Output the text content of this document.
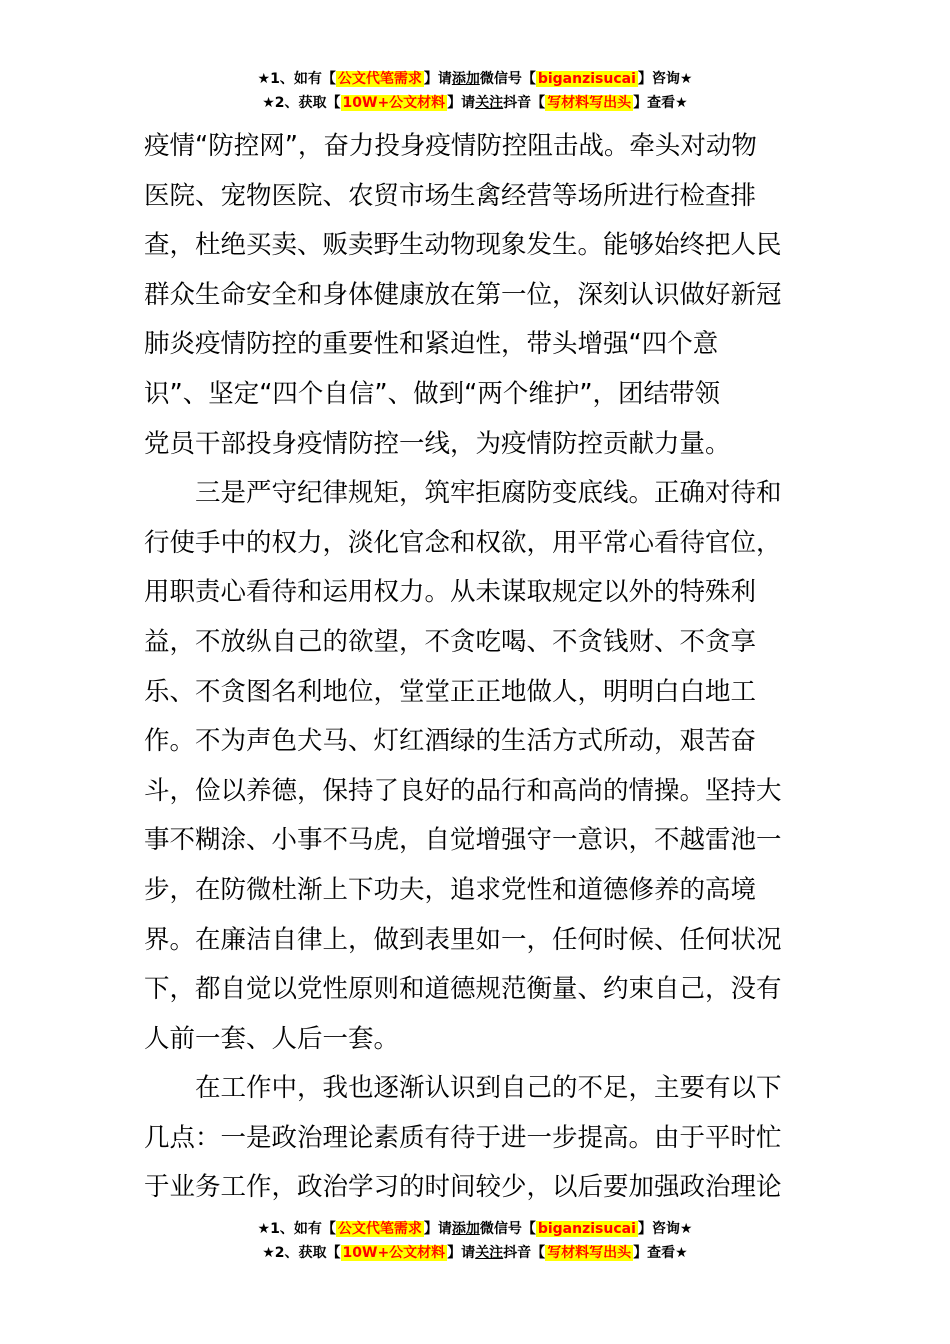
★1、如有【 公文代笔需求 】请添加微信号【 biganzisucai 】咨询★
★2、获取【 10W+公文材料 】请关注抖音【 写材料写出头 】查看★
疫情“防控网”，奋力投身疫情防控阻击战。牵头对动物
医院、宠物医院、农贸市场生禽经营等场所进行检查排
查，杜绝买卖、贩卖野生动物现象发生。能够始终把人民
群众生命安全和身体健康放在第一位，深刻认识做好新冠
肺炎疫情防控的重要性和紧迫性，带头增强“四个意
识”、坚定“四个自信”、做到“两个维护”，团结带领
党员干部投身疫情防控一线，为疫情防控贡献力量。
　　三是严守纪律规矩，筑牢拒腐防变底线。正确对待和
行使手中的权力，淡化官念和权欲，用平常心看待官位，
用职责心看待和运用权力。从未谋取规定以外的特殊利
益，不放纵自己的欲望，不贪吃喝、不贪钱财、不贪享
乐、不贪图名利地位，堂堂正正地做人，明明白白地工
作。不为声色犬马、灯红酒绿的生活方式所动，艰苦奋
斗，俭以养德，保持了良好的品行和高尚的情操。坚持大
事不糊涂、小事不马虎，自觉增强守一意识，不越雷池一
步，在防微杜渐上下功夫，追求党性和道德修养的高境
界。在廉洁自律上，做到表里如一，任何时候、任何状况
下，都自觉以党性原则和道德规范衡量、约束自己，没有
人前一套、人后一套。
　　在工作中，我也逐渐认识到自己的不足，主要有以下
几点：一是政治理论素质有待于进一步提高。由于平时忙
于业务工作，政治学习的时间较少，以后要加强政治理论
★1、如有【 公文代笔需求 】请添加微信号【 biganzisucai 】咨询★
★2、获取【 10W+公文材料 】请关注抖音【 写材料写出头 】查看★
